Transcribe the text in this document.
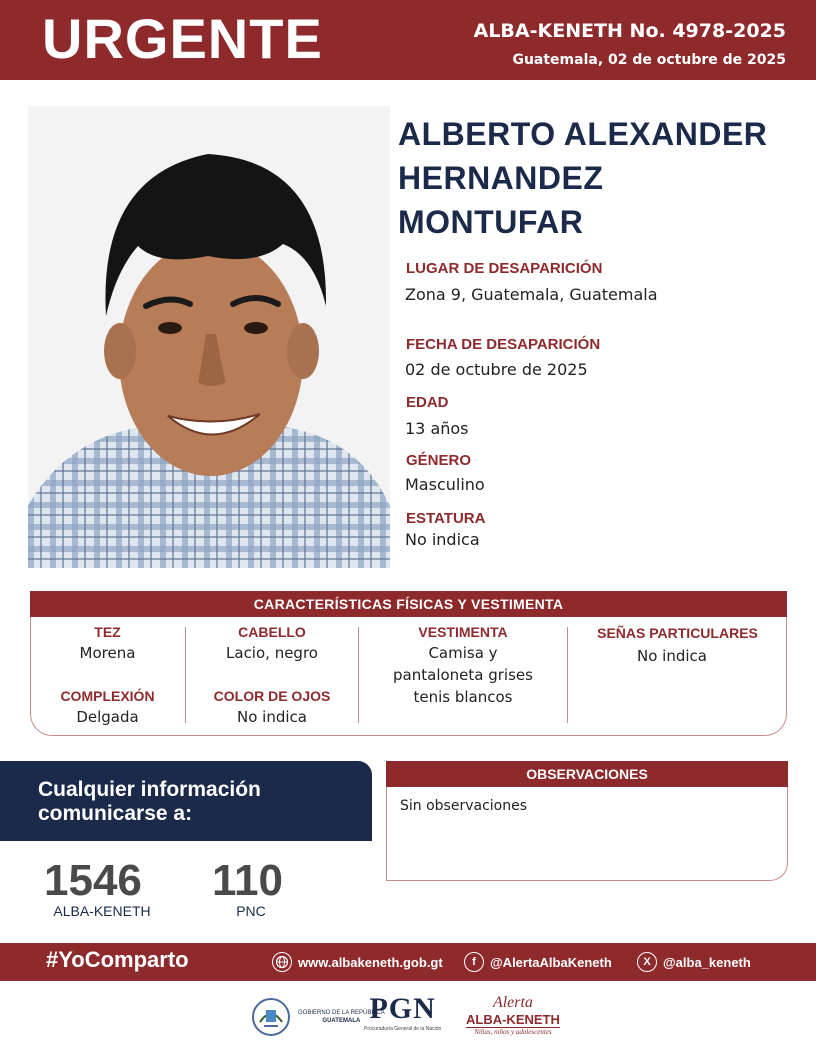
URGENTE	ALBA-KENETH No. 4978-2025
Guatemala, 02 de octubre de 2025
ALBERTO ALEXANDER
HERNANDEZ
MONTUFAR
LUGAR DE DESAPARICIÓN
Zona 9, Guatemala, Guatemala
FECHA DE DESAPARICIÓN
02 de octubre de 2025
EDAD
13 años
GÉNERO
Masculino
ESTATURA
No indica
CARACTERÍSTICAS FÍSICAS Y VESTIMENTA
TEZ
Morena
COMPLEXIÓN
Delgada
CABELLO
Lacio, negro
COLOR DE OJOS
No indica
VESTIMENTA
Camisa y
pantaloneta grises
tenis blancos
SEÑAS PARTICULARES
No indica
Cualquier información
comunicarse a:
1546
ALBA-KENETH
110
PNC
OBSERVACIONES
Sin observaciones
#YoComparto	www.albakeneth.gob.gt	f	@AlertaAlbaKeneth	X @alba_keneth
GOBIERNO DE LA REPÚBLICA
GUATEMALA PGN
Procuraduría General de la Nación
Alerta
ALBA-KENETH
Niñas, niños y adolescentes
